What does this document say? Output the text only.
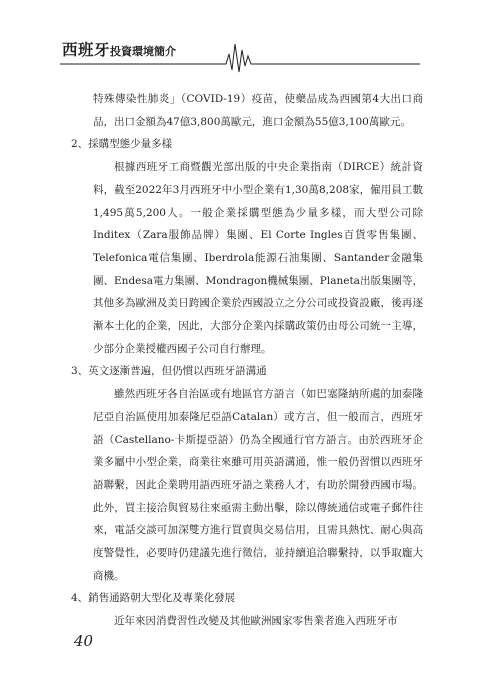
西班牙投資環境簡介

特殊傳染性肺炎」（COVID-19）疫苗，使藥品成為西國第4大出口商品，出口金額為47億3,800萬歐元，進口金額為55億3,100萬歐元。

2、採購型態少量多樣

根據西班牙工商暨觀光部出版的中央企業指南（DIRCE）統計資料，截至2022年3月西班牙中小型企業有1,30萬8,208家，僱用員工數1,495萬5,200人。一般企業採購型態為少量多樣，而大型公司除Inditex（Zara服飾品牌）集團、El Corte Ingles百貨零售集團、Telefonica電信集團、Iberdrola能源石油集團、Santander金融集團、Endesa電力集團、Mondragon機械集團、Planeta出版集團等，其他多為歐洲及美日跨國企業於西國設立之分公司或投資設廠，後再逐漸本土化的企業，因此，大部分企業內採購政策仍由母公司統一主導，少部分企業授權西國子公司自行辦理。

3、英文逐漸普遍，但仍慣以西班牙語溝通

雖然西班牙各自治區或有地區官方語言（如巴塞隆納所處的加泰隆尼亞自治區使用加泰隆尼亞語Catalan）或方言，但一般而言，西班牙語（Castellano-卡斯提亞語）仍為全國通行官方語言。由於西班牙企業多屬中小型企業，商業往來雖可用英語溝通，惟一般仍習慣以西班牙語聯繫，因此企業聘用語西班牙語之業務人才，有助於開發西國市場。此外，買主接洽與貿易往來亟需主動出擊，除以傳統通信或電子郵件往來，電話交談可加深雙方進行買賣與交易信用，且需具熱忱、耐心與高度警覺性，必要時仍建議先進行徵信，並持續追洽聯繫持，以爭取龐大商機。

4、銷售通路朝大型化及專業化發展

近年來因消費習性改變及其他歐洲國家零售業者進入西班牙市

40
